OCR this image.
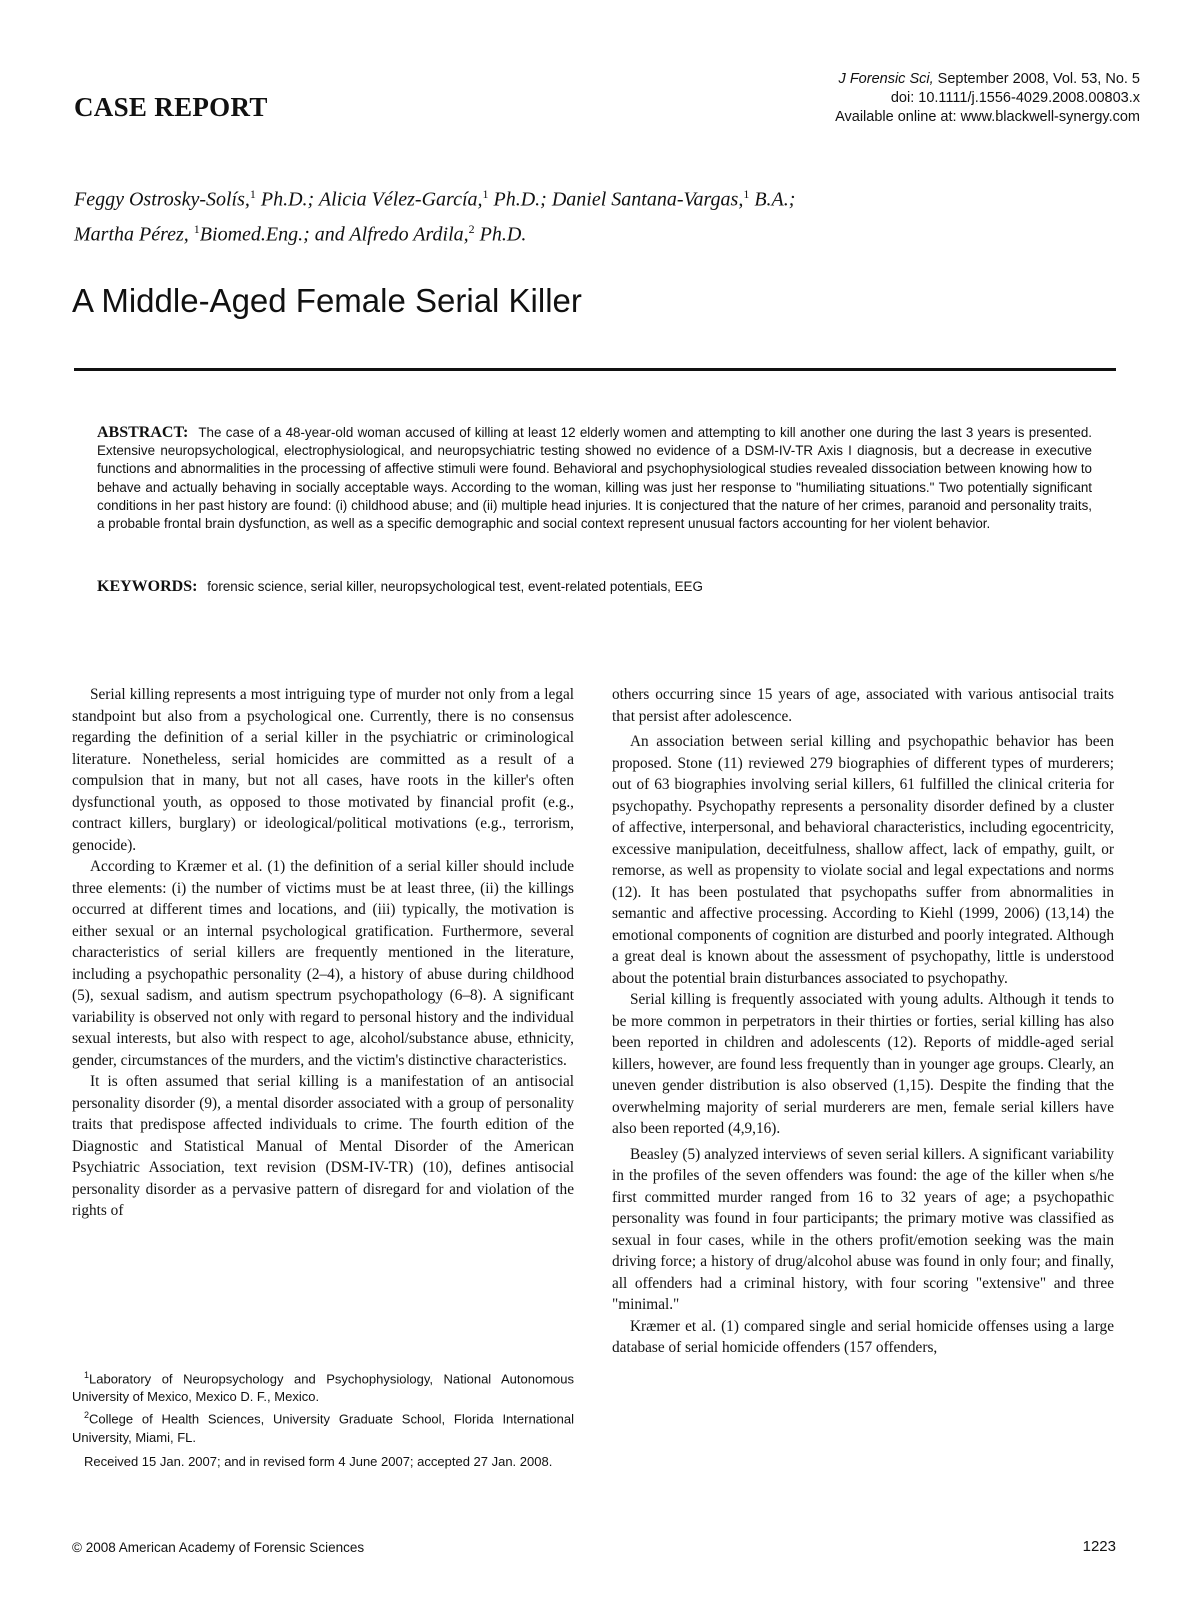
CASE REPORT
J Forensic Sci, September 2008, Vol. 53, No. 5
doi: 10.1111/j.1556-4029.2008.00803.x
Available online at: www.blackwell-synergy.com
Feggy Ostrosky-Solís,$^1$ Ph.D.; Alicia Vélez-García,$^1$ Ph.D.; Daniel Santana-Vargas,$^1$ B.A.;
Martha Pérez, $^1$Biomed.Eng.; and Alfredo Ardila,$^2$ Ph.D.
A Middle-Aged Female Serial Killer
ABSTRACT: The case of a 48-year-old woman accused of killing at least 12 elderly women and attempting to kill another one during the last 3 years is presented. Extensive neuropsychological, electrophysiological, and neuropsychiatric testing showed no evidence of a DSM-IV-TR Axis I diagnosis, but a decrease in executive functions and abnormalities in the processing of affective stimuli were found. Behavioral and psychophysiological studies revealed dissociation between knowing how to behave and actually behaving in socially acceptable ways. According to the woman, killing was just her response to "humiliating situations." Two potentially significant conditions in her past history are found: (i) childhood abuse; and (ii) multiple head injuries. It is conjectured that the nature of her crimes, paranoid and personality traits, a probable frontal brain dysfunction, as well as a specific demographic and social context represent unusual factors accounting for her violent behavior.
KEYWORDS: forensic science, serial killer, neuropsychological test, event-related potentials, EEG

Serial killing represents a most intriguing type of murder not only from a legal standpoint but also from a psychological one. Currently, there is no consensus regarding the definition of a serial killer in the psychiatric or criminological literature. Nonetheless, serial homicides are committed as a result of a compulsion that in many, but not all cases, have roots in the killer's often dysfunctional youth, as opposed to those motivated by financial profit (e.g., contract killers, burglary) or ideological/political motivations (e.g., terrorism, genocide).

According to Kræmer et al. (1) the definition of a serial killer should include three elements: (i) the number of victims must be at least three, (ii) the killings occurred at different times and locations, and (iii) typically, the motivation is either sexual or an internal psychological gratification. Furthermore, several characteristics of serial killers are frequently mentioned in the literature, including a psychopathic personality (2–4), a history of abuse during childhood (5), sexual sadism, and autism spectrum psychopathology (6–8). A significant variability is observed not only with regard to personal history and the individual sexual interests, but also with respect to age, alcohol/substance abuse, ethnicity, gender, circumstances of the murders, and the victim's distinctive characteristics.

It is often assumed that serial killing is a manifestation of an antisocial personality disorder (9), a mental disorder associated with a group of personality traits that predispose affected individuals to crime. The fourth edition of the Diagnostic and Statistical Manual of Mental Disorder of the American Psychiatric Association, text revision (DSM-IV-TR) (10), defines antisocial personality disorder as a pervasive pattern of disregard for and violation of the rights of

others occurring since 15 years of age, associated with various antisocial traits that persist after adolescence.

An association between serial killing and psychopathic behavior has been proposed. Stone (11) reviewed 279 biographies of different types of murderers; out of 63 biographies involving serial killers, 61 fulfilled the clinical criteria for psychopathy. Psychopathy represents a personality disorder defined by a cluster of affective, interpersonal, and behavioral characteristics, including egocentricity, excessive manipulation, deceitfulness, shallow affect, lack of empathy, guilt, or remorse, as well as propensity to violate social and legal expectations and norms (12). It has been postulated that psychopaths suffer from abnormalities in semantic and affective processing. According to Kiehl (1999, 2006) (13,14) the emotional components of cognition are disturbed and poorly integrated. Although a great deal is known about the assessment of psychopathy, little is understood about the potential brain disturbances associated to psychopathy.

Serial killing is frequently associated with young adults. Although it tends to be more common in perpetrators in their thirties or forties, serial killing has also been reported in children and adolescents (12). Reports of middle-aged serial killers, however, are found less frequently than in younger age groups. Clearly, an uneven gender distribution is also observed (1,15). Despite the finding that the overwhelming majority of serial murderers are men, female serial killers have also been reported (4,9,16).

Beasley (5) analyzed interviews of seven serial killers. A significant variability in the profiles of the seven offenders was found: the age of the killer when s/he first committed murder ranged from 16 to 32 years of age; a psychopathic personality was found in four participants; the primary motive was classified as sexual in four cases, while in the others profit/emotion seeking was the main driving force; a history of drug/alcohol abuse was found in only four; and finally, all offenders had a criminal history, with four scoring "extensive" and three "minimal."

Kræmer et al. (1) compared single and serial homicide offenses using a large database of serial homicide offenders (157 offenders,

$^1$Laboratory of Neuropsychology and Psychophysiology, National Autonomous University of Mexico, Mexico D. F., Mexico.

$^2$College of Health Sciences, University Graduate School, Florida International University, Miami, FL.

Received 15 Jan. 2007; and in revised form 4 June 2007; accepted 27 Jan. 2008.

© 2008 American Academy of Forensic Sciences	1223
